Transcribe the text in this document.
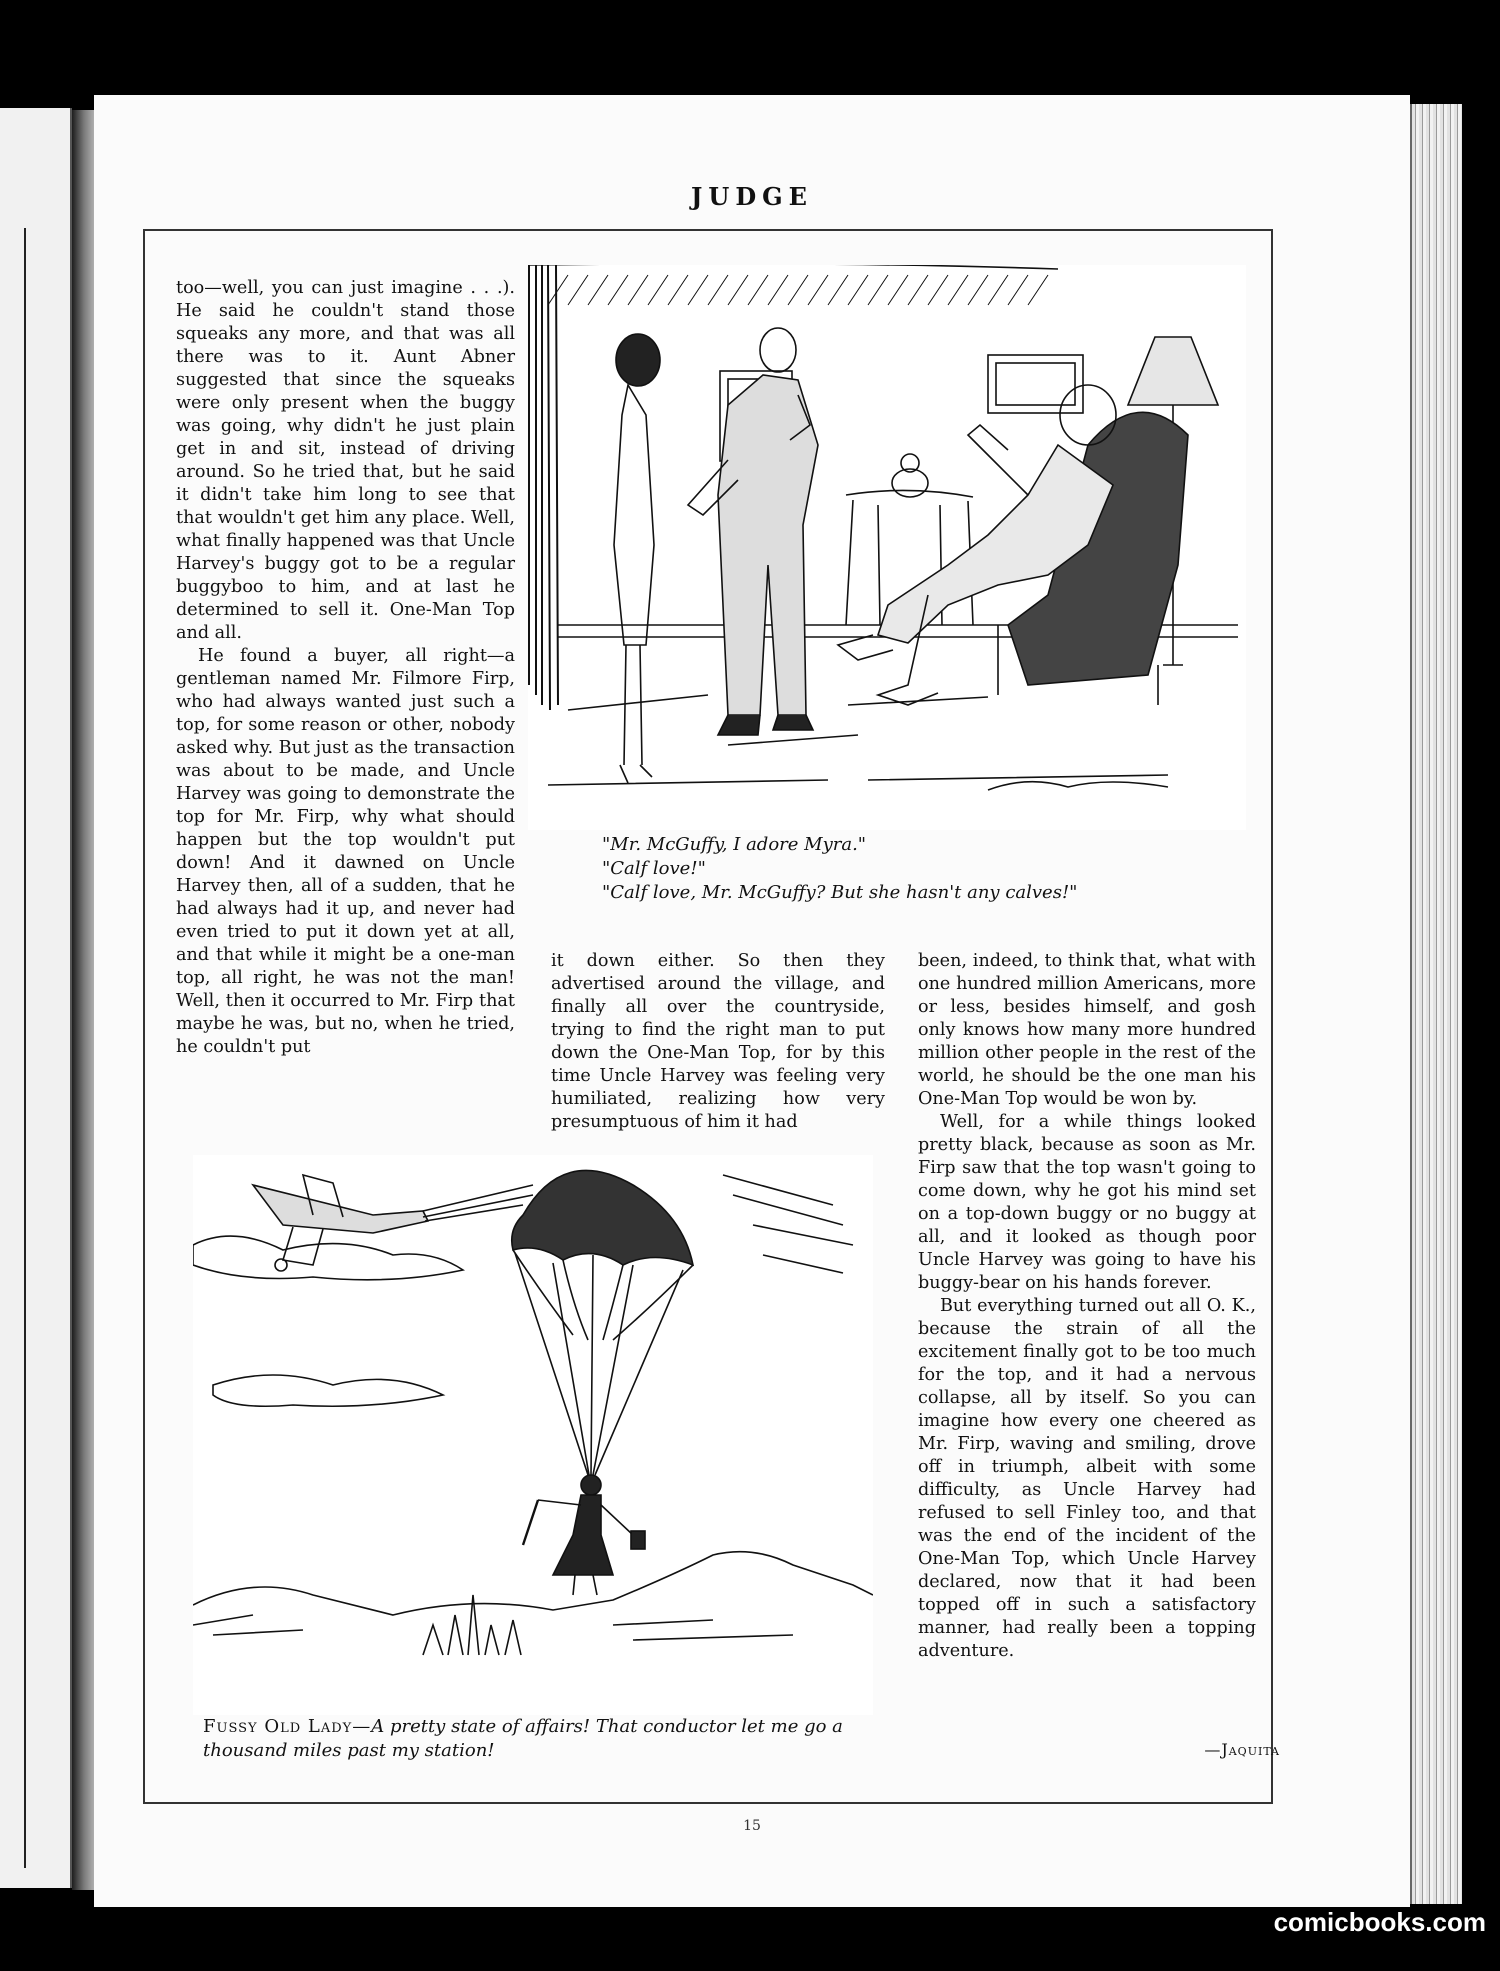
JUDGE

too—well, you can just imagine . . .). He said he couldn't stand those squeaks any more, and that was all there was to it. Aunt Abner suggested that since the squeaks were only present when the buggy was going, why didn't he just plain get in and sit, instead of driving around. So he tried that, but he said it didn't take him long to see that that wouldn't get him any place. Well, what finally happened was that Uncle Harvey's buggy got to be a regular buggyboo to him, and at last he determined to sell it. One-Man Top and all.

He found a buyer, all right—a gentleman named Mr. Filmore Firp, who had always wanted just such a top, for some reason or other, nobody asked why. But just as the transaction was about to be made, and Uncle Harvey was going to demonstrate the top for Mr. Firp, why what should happen but the top wouldn't put down! And it dawned on Uncle Harvey then, all of a sudden, that he had always had it up, and never had even tried to put it down yet at all, and that while it might be a one-man top, all right, he was not the man! Well, then it occurred to Mr. Firp that maybe he was, but no, when he tried, he couldn't put

"Mr. McGuffy, I adore Myra."
"Calf love!"
"Calf love, Mr. McGuffy? But she hasn't any calves!"

it down either. So then they advertised around the village, and finally all over the countryside, trying to find the right man to put down the One-Man Top, for by this time Uncle Harvey was feeling very humiliated, realizing how very presumptuous of him it had

been, indeed, to think that, what with one hundred million Americans, more or less, besides himself, and gosh only knows how many more hundred million other people in the rest of the world, he should be the one man his One-Man Top would be won by.

Well, for a while things looked pretty black, because as soon as Mr. Firp saw that the top wasn't going to come down, why he got his mind set on a top-down buggy or no buggy at all, and it looked as though poor Uncle Harvey was going to have his buggy-bear on his hands forever.

But everything turned out all O. K., because the strain of all the excitement finally got to be too much for the top, and it had a nervous collapse, all by itself. So you can imagine how every one cheered as Mr. Firp, waving and smiling, drove off in triumph, albeit with some difficulty, as Uncle Harvey had refused to sell Finley too, and that was the end of the incident of the One-Man Top, which Uncle Harvey declared, now that it had been topped off in such a satisfactory manner, had really been a topping adventure.

—Jaquita
Fussy Old Lady—A pretty state of affairs! That conductor let me go a thousand miles past my station!
15
comicbooks.com
